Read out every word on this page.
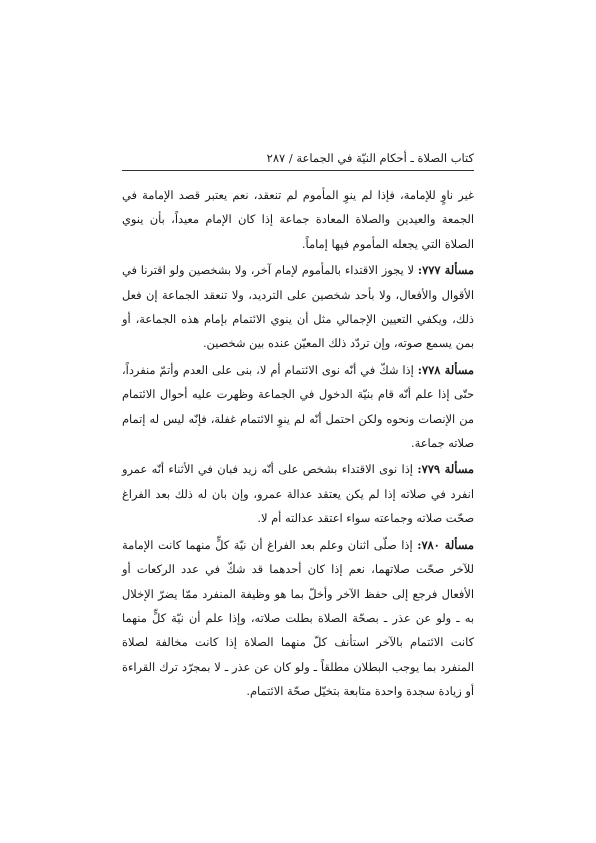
كتاب الصلاة ـ أحكام النيّة في الجماعة / ٢٨٧

غير ناوٍ للإمامة، فإذا لم ينوِ المأموم لم تنعقد، نعم يعتبر قصد الإمامة في الجمعة والعيدين والصلاة المعادة جماعة إذا كان الإمام معيداً، بأن ينوي الصلاة التي يجعله المأموم فيها إماماً.

مسألة ٧٧٧: لا يجوز الاقتداء بالمأموم لإمام آخر، ولا بشخصين ولو اقترنا في الأقوال والأفعال، ولا بأحد شخصين على الترديد، ولا تنعقد الجماعة إن فعل ذلك، ويكفي التعيين الإجمالي مثل أن ينوي الائتمام بإمام هذه الجماعة، أو بمن يسمع صوته، وإن تردّد ذلك المعيّن عنده بين شخصين.

مسألة ٧٧٨: إذا شكّ في أنّه نوى الائتمام أم لا، بنى على العدم وأتمّ منفرداً، حتّى إذا علم أنّه قام بنيّة الدخول في الجماعة وظهرت عليه أحوال الائتمام من الإنصات ونحوه ولكن احتمل أنّه لم ينوِ الائتمام غفلة، فإنّه ليس له إتمام صلاته جماعة.

مسألة ٧٧٩: إذا نوى الاقتداء بشخص على أنّه زيد فبان في الأثناء أنّه عمرو انفرد في صلاته إذا لم يكن يعتقد عدالة عمرو، وإن بان له ذلك بعد الفراغ صحّت صلاته وجماعته سواء اعتقد عدالته أم لا.

مسألة ٧٨٠: إذا صلّى اثنان وعلم بعد الفراغ أن نيّة كلٍّ منهما كانت الإمامة للآخر صحّت صلاتهما، نعم إذا كان أحدهما قد شكّ في عدد الركعات أو الأفعال فرجع إلى حفظ الآخر وأخلّ بما هو وظيفة المنفرد ممّا يضرّ الإخلال به ـ ولو عن عذر ـ بصحّة الصلاة بطلت صلاته، وإذا علم أن نيّة كلٍّ منهما كانت الائتمام بالآخر استأنف كلّ منهما الصلاة إذا كانت مخالفة لصلاة المنفرد بما يوجب البطلان مطلقاً ـ ولو كان عن عذر ـ لا بمجرّد ترك القراءة أو زيادة سجدة واحدة متابعة بتخيّل صحّة الائتمام.
